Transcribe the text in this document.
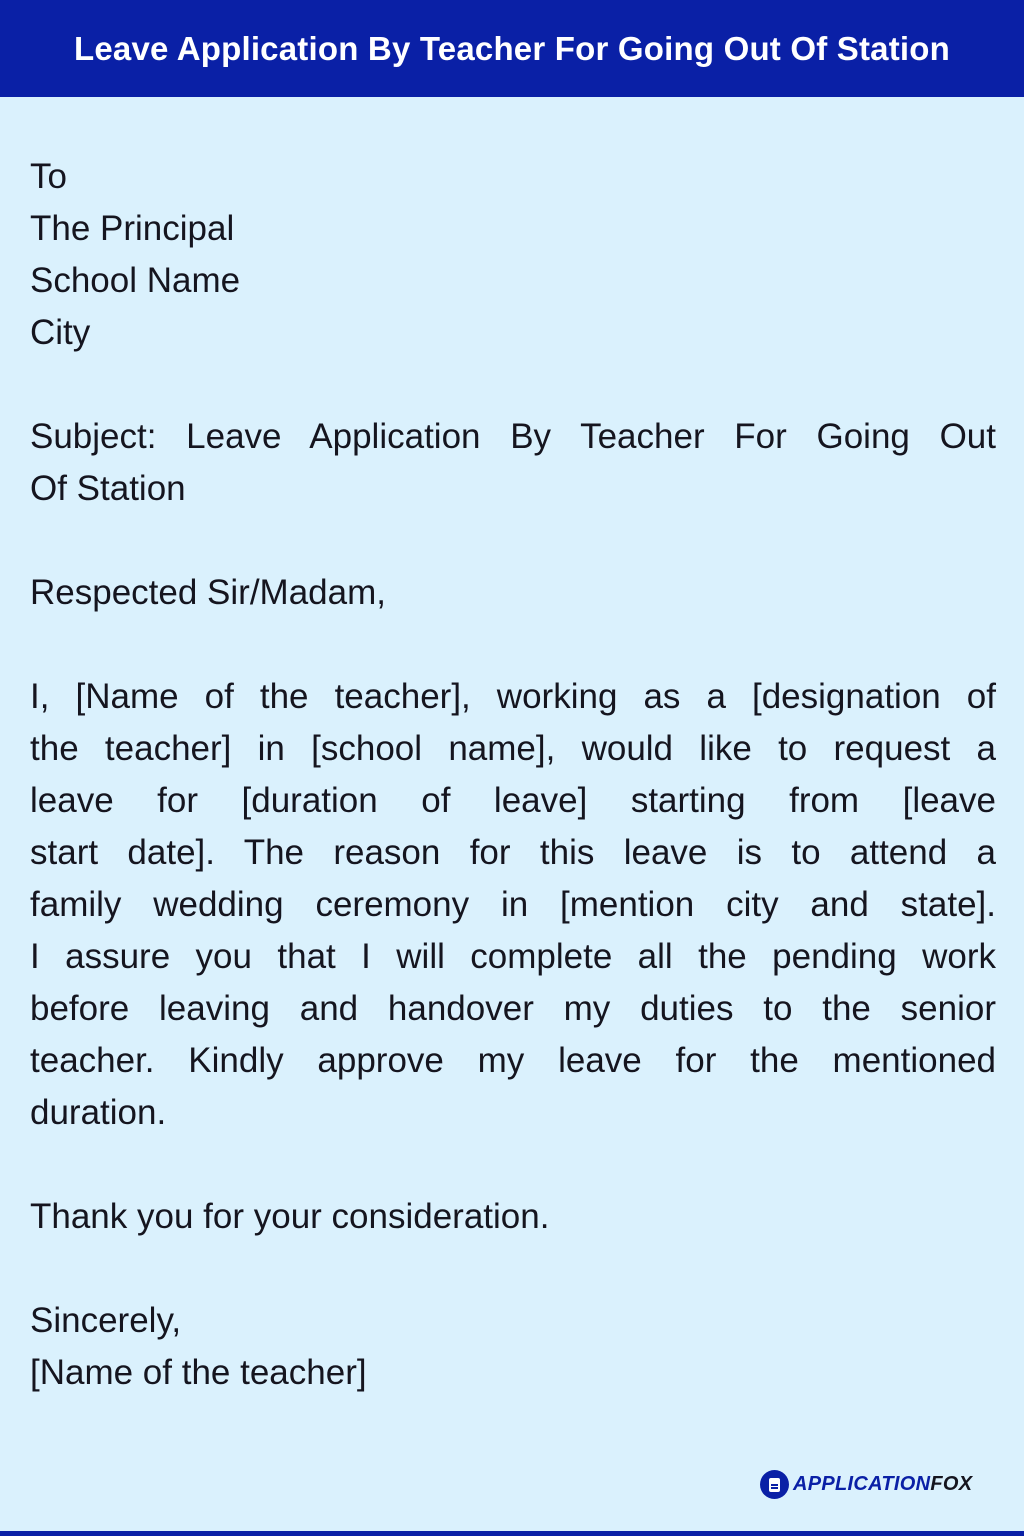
Leave Application By Teacher For Going Out Of Station
To
The Principal
School Name
City
Subject: Leave Application By Teacher For Going Out
Of Station
Respected Sir/Madam,
I, [Name of the teacher], working as a [designation of
the teacher] in [school name], would like to request a
leave for [duration of leave] starting from [leave
start date]. The reason for this leave is to attend a
family wedding ceremony in [mention city and state].
I assure you that I will complete all the pending work
before leaving and handover my duties to the senior
teacher. Kindly approve my leave for the mentioned
duration.
Thank you for your consideration.
Sincerely,
[Name of the teacher]
APPLICATIONFOX
